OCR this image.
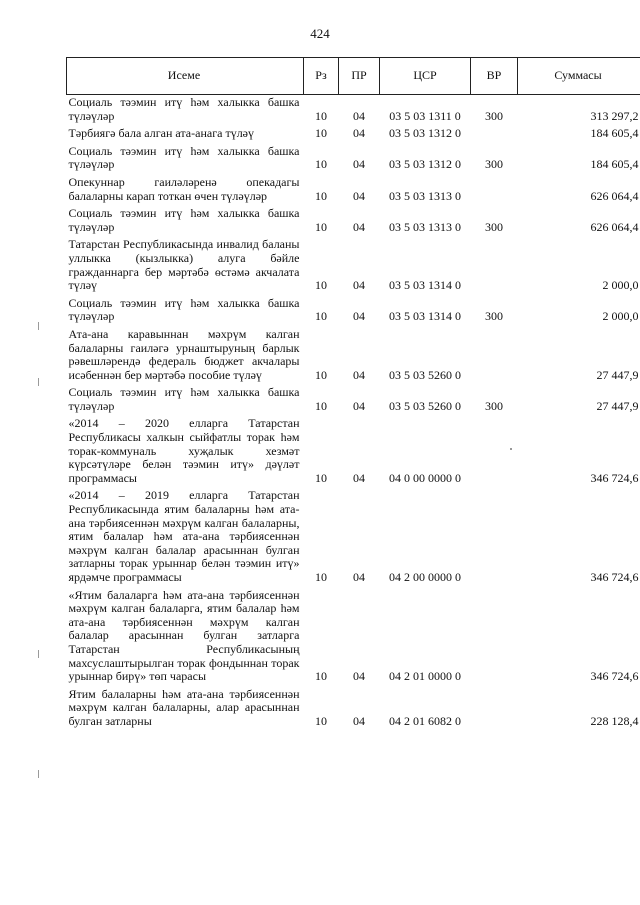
424
Исеме	Рз	ПР	ЦСР	ВР	Суммасы
Социаль тәэмин итү һәм халыкка башка түләүләр	10	04	03 5 03 1311 0	300	313 297,2
Тәрбиягә бала алган ата-анага түләү	10	04	03 5 03 1312 0		184 605,4
Социаль тәэмин итү һәм халыкка башка түләүләр	10	04	03 5 03 1312 0	300	184 605,4
Опекуннар гаиләләренә опекадагы балаларны карап тоткан өчен түләүләр	10	04	03 5 03 1313 0		626 064,4
Социаль тәэмин итү һәм халыкка башка түләүләр	10	04	03 5 03 1313 0	300	626 064,4
Татарстан Республикасында инвалид баланы уллыкка (кызлыкка) алуга бәйле гражданнарга бер мәртәбә өстәмә акчалата түләү	10	04	03 5 03 1314 0		2 000,0
Социаль тәэмин итү һәм халыкка башка түләүләр	10	04	03 5 03 1314 0	300	2 000,0
Ата-ана каравыннан мәхрүм калган балаларны гаиләгә урнаштыруның барлык рәвешләрендә федераль бюджет акчалары исәбеннән бер мәртәбә пособие түләү	10	04	03 5 03 5260 0		27 447,9
Социаль тәэмин итү һәм халыкка башка түләүләр	10	04	03 5 03 5260 0	300	27 447,9
«2014 – 2020 елларга Татарстан Республикасы халкын сыйфатлы торак һәм торак-коммуналь хуҗалык хезмәт күрсәтүләре белән тәэмин итү» дәүләт программасы	10	04	04 0 00 0000 0		346 724,6
«2014 – 2019 елларга Татарстан Республикасында ятим балаларны һәм ата-ана тәрбиясеннән мәхрүм калган балаларны, ятим балалар һәм ата-ана тәрбиясеннән мәхрүм калган балалар арасыннан булган затларны торак урыннар белән тәэмин итү» ярдәмче программасы	10	04	04 2 00 0000 0		346 724,6
«Ятим балаларга һәм ата-ана тәрбиясеннән мәхрүм калган балаларга, ятим балалар һәм ата-ана тәрбиясеннән мәхрүм калган балалар арасыннан булган затларга Татарстан Республикасының махсуслаштырылган торак фондыннан торак урыннар бирү» төп чарасы	10	04	04 2 01 0000 0		346 724,6
Ятим балаларны һәм ата-ана тәрбиясеннән мәхрүм калган балаларны, алар арасыннан булган затларны	10	04	04 2 01 6082 0		228 128,4
